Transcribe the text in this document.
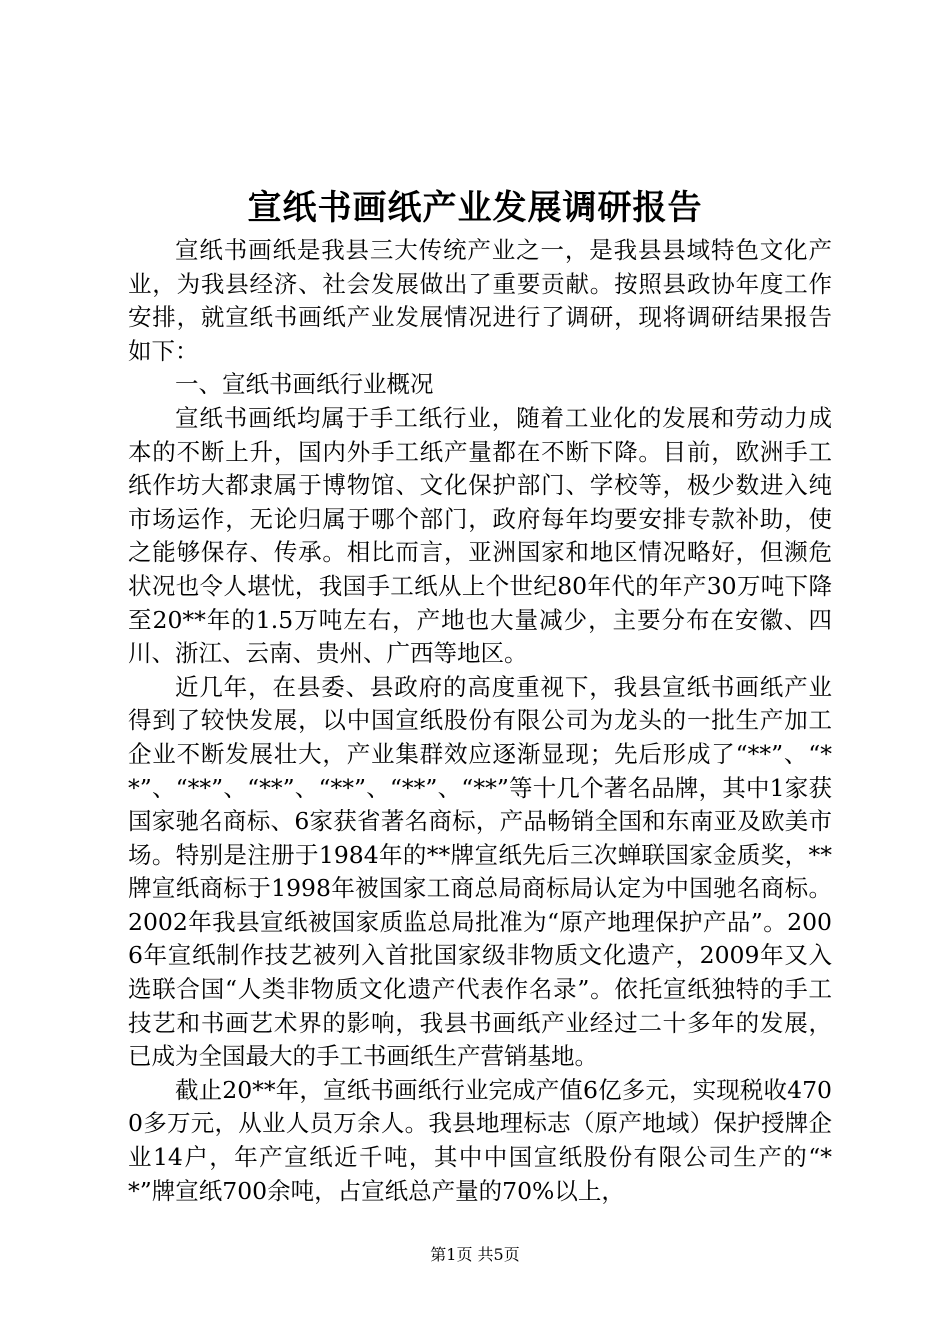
宣纸书画纸产业发展调研报告

宣纸书画纸是我县三大传统产业之一，是我县县域特色文化产业，为我县经济、社会发展做出了重要贡献。按照县政协年度工作安排，就宣纸书画纸产业发展情况进行了调研，现将调研结果报告如下：

一、宣纸书画纸行业概况

宣纸书画纸均属于手工纸行业，随着工业化的发展和劳动力成本的不断上升，国内外手工纸产量都在不断下降。目前，欧洲手工纸作坊大都隶属于博物馆、文化保护部门、学校等，极少数进入纯市场运作，无论归属于哪个部门，政府每年均要安排专款补助，使之能够保存、传承。相比而言，亚洲国家和地区情况略好，但濒危状况也令人堪忧，我国手工纸从上个世纪80年代的年产30万吨下降至20**年的1.5万吨左右，产地也大量减少，主要分布在安徽、四川、浙江、云南、贵州、广西等地区。

近几年，在县委、县政府的高度重视下，我县宣纸书画纸产业得到了较快发展，以中国宣纸股份有限公司为龙头的一批生产加工企业不断发展壮大，产业集群效应逐渐显现；先后形成了“**”、“**”、“**”、“**”、“**”、“**”、“**”等十几个著名品牌，其中1家获国家驰名商标、6家获省著名商标，产品畅销全国和东南亚及欧美市场。特别是注册于1984年的**牌宣纸先后三次蝉联国家金质奖，**牌宣纸商标于1998年被国家工商总局商标局认定为中国驰名商标。2002年我县宣纸被国家质监总局批准为“原产地理保护产品”。2006年宣纸制作技艺被列入首批国家级非物质文化遗产，2009年又入选联合国“人类非物质文化遗产代表作名录”。依托宣纸独特的手工技艺和书画艺术界的影响，我县书画纸产业经过二十多年的发展，已成为全国最大的手工书画纸生产营销基地。

截止20**年，宣纸书画纸行业完成产值6亿多元，实现税收4700多万元，从业人员万余人。我县地理标志（原产地域）保护授牌企业14户，年产宣纸近千吨，其中中国宣纸股份有限公司生产的“**”牌宣纸700余吨，占宣纸总产量的70%以上，

第1页 共5页
